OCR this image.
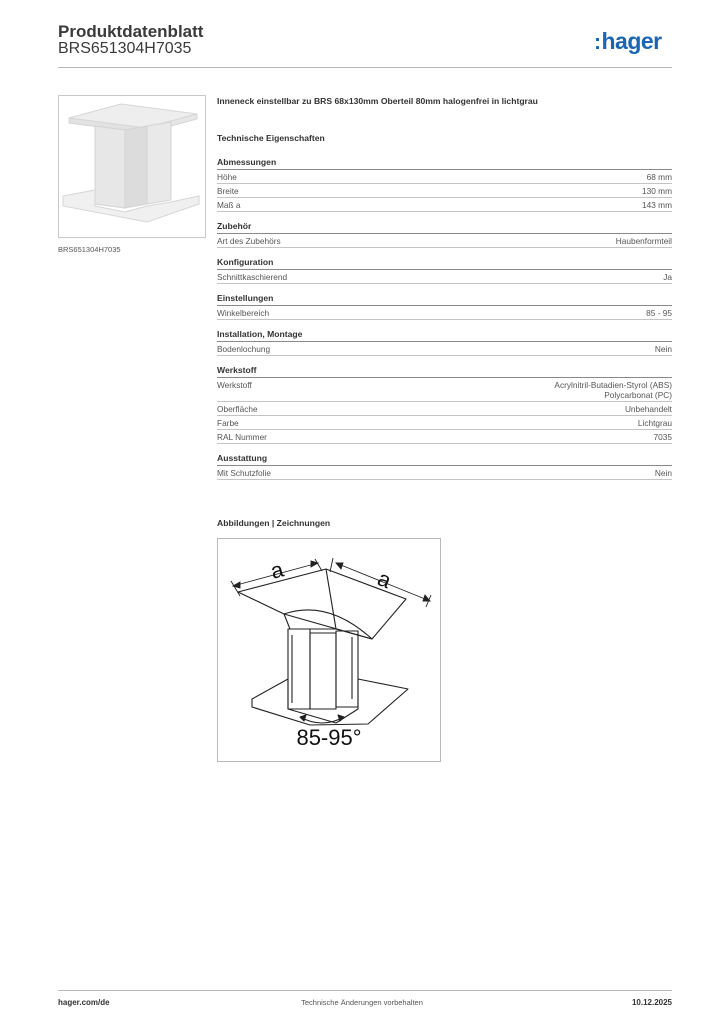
Produktdatenblatt
BRS651304H7035	:hager
BRS651304H7035
Inneneck einstellbar zu BRS 68x130mm Oberteil 80mm halogenfrei in lichtgrau
Technische Eigenschaften
Abmessungen
Höhe	68 mm
Breite	130 mm
Maß a	143 mm
Zubehör
Art des Zubehörs	Haubenformteil
Konfiguration
Schnittkaschierend	Ja
Einstellungen
Winkelbereich	85 - 95
Installation, Montage
Bodenlochung	Nein
Werkstoff
Werkstoff	Acrylnitril-Butadien-Styrol (ABS)
Polycarbonat (PC)
Oberfläche	Unbehandelt
Farbe	Lichtgrau
RAL Nummer	7035
Ausstattung
Mit Schutzfolie	Nein
Abbildungen | Zeichnungen
a	a
85-95°
hager.com/de	Technische Änderungen vorbehalten	10.12.2025
